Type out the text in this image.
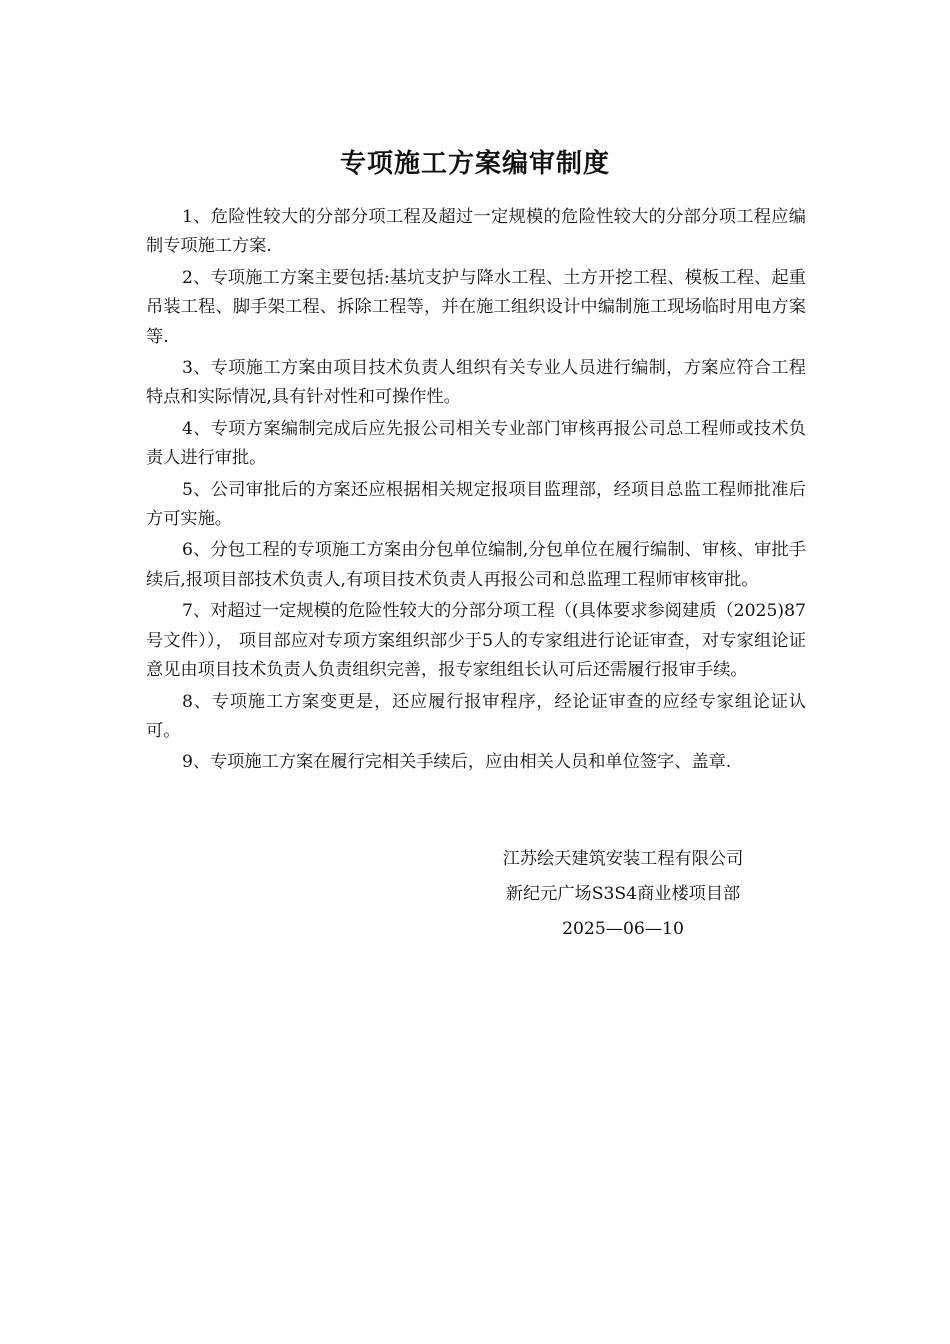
专项施工方案编审制度

1、危险性较大的分部分项工程及超过一定规模的危险性较大的分部分项工程应编制专项施工方案.

2、专项施工方案主要包括:基坑支护与降水工程、土方开挖工程、模板工程、起重吊装工程、脚手架工程、拆除工程等，并在施工组织设计中编制施工现场临时用电方案等.

3、专项施工方案由项目技术负责人组织有关专业人员进行编制，方案应符合工程特点和实际情况,具有针对性和可操作性。

4、专项方案编制完成后应先报公司相关专业部门审核再报公司总工程师或技术负责人进行审批。

5、公司审批后的方案还应根据相关规定报项目监理部，经项目总监工程师批准后方可实施。

6、分包工程的专项施工方案由分包单位编制,分包单位在履行编制、审核、审批手续后,报项目部技术负责人,有项目技术负责人再报公司和总监理工程师审核审批。

7、对超过一定规模的危险性较大的分部分项工程（(具体要求参阅建质（2025)87号文件））， 项目部应对专项方案组织部少于5人的专家组进行论证审查，对专家组论证意见由项目技术负责人负责组织完善，报专家组组长认可后还需履行报审手续。

8、专项施工方案变更是，还应履行报审程序，经论证审查的应经专家组论证认可。

9、专项施工方案在履行完相关手续后，应由相关人员和单位签字、盖章.

江苏绘天建筑安装工程有限公司
新纪元广场S3S4商业楼项目部
2025—06—10
